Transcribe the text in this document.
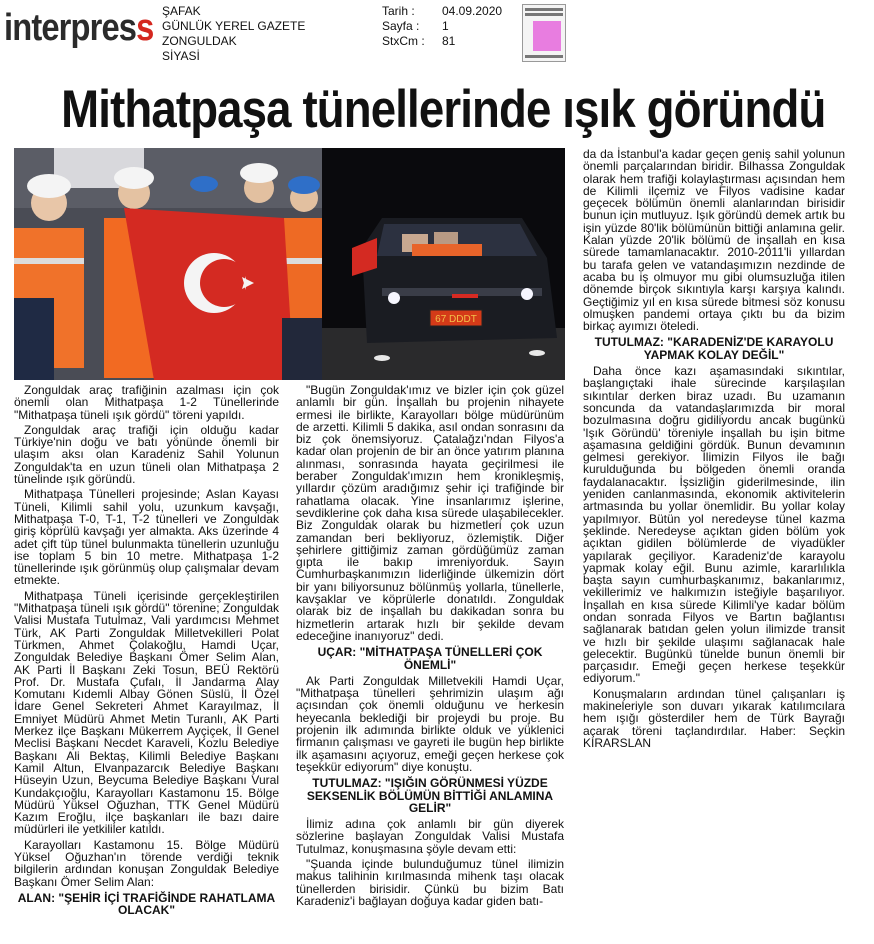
interpress ŞAFAK
GÜNLÜK YEREL GAZETE
ZONGULDAK
SİYASİ
Tarih :	04.09.2020
Sayfa :	1
StxCm :	81
Mithatpaşa tünellerinde ışık göründü
67 DDDT

Zonguldak araç trafiğinin azalması için çok önemli olan Mithatpaşa 1-2 Tünellerinde "Mithatpaşa tüneli ışık gördü" töreni yapıldı.

Zonguldak araç trafiği için olduğu kadar Türkiye'nin doğu ve batı yönünde önemli bir ulaşım aksı olan Karadeniz Sahil Yolunun Zonguldak'ta en uzun tüneli olan Mithatpaşa 2 tünelinde ışık göründü.

Mithatpaşa Tünelleri projesinde; Aslan Kayası Tüneli, Kilimli sahil yolu, uzunkum kavşağı, Mithatpaşa T-0, T-1, T-2 tünelleri ve Zonguldak giriş köprülü kavşağı yer almakta. Aks üzerinde 4 adet çift tüp tünel bulunmakta tünellerin uzunluğu ise toplam 5 bin 10 metre. Mithatpaşa 1-2 tünellerinde ışık görünmüş olup çalışmalar devam etmekte.

Mithatpaşa Tüneli içerisinde gerçekleştirilen "Mithatpaşa tüneli ışık gördü" törenine; Zonguldak Valisi Mustafa Tutulmaz, Vali yardımcısı Mehmet Türk, AK Parti Zonguldak Milletvekilleri Polat Türkmen, Ahmet Çolakoğlu, Hamdi Uçar, Zonguldak Belediye Başkanı Ömer Selim Alan, AK Parti İl Başkanı Zeki Tosun, BEÜ Rektörü Prof. Dr. Mustafa Çufalı, İl Jandarma Alay Komutanı Kıdemli Albay Gönen Süslü, İl Özel İdare Genel Sekreteri Ahmet Karayılmaz, İl Emniyet Müdürü Ahmet Metin Turanlı, AK Parti Merkez ilçe Başkanı Mükerrem Ayçiçek, İl Genel Meclisi Başkanı Necdet Karaveli, Kozlu Belediye Başkanı Ali Bektaş, Kilimli Belediye Başkanı Kamil Altun, Elvanpazarcık Belediye Başkanı Hüseyin Uzun, Beycuma Belediye Başkanı Vural Kundakçıoğlu, Karayolları Kastamonu 15. Bölge Müdürü Yüksel Oğuzhan, TTK Genel Müdürü Kazım Eroğlu, ilçe başkanları ile bazı daire müdürleri ile yetkililer katıldı.

Karayolları Kastamonu 15. Bölge Müdürü Yüksel Oğuzhan'ın törende verdiği teknik bilgilerin ardından konuşan Zonguldak Belediye Başkanı Ömer Selim Alan:

ALAN: "ŞEHİR İÇİ TRAFİĞİNDE RAHATLAMA OLACAK"

"Bugün Zonguldak'ımız ve bizler için çok güzel anlamlı bir gün. İnşallah bu projenin nihayete ermesi ile birlikte, Karayolları bölge müdürünüm de arzetti. Kilimli 5 dakika, asıl ondan sonrasını da biz çok önemsiyoruz. Çatalağzı'ndan Filyos'a kadar olan projenin de bir an önce yatırım planına alınması, sonrasında hayata geçirilmesi ile beraber Zonguldak'ımızın hem kronikleşmiş, yıllardır çözüm aradığımız şehir içi trafiğinde bir rahatlama olacak. Yine insanlarımız işlerine, sevdiklerine çok daha kısa sürede ulaşabilecekler. Biz Zonguldak olarak bu hizmetleri çok uzun zamandan beri bekliyoruz, özlemiştik. Diğer şehirlere gittiğimiz zaman gördüğümüz zaman gıpta ile bakıp imreniyorduk. Sayın Cumhurbaşkanımızın liderliğinde ülkemizin dört bir yanı biliyorsunuz bölünmüş yollarla, tünellerle, kavşaklar ve köprülerle donatıldı. Zonguldak olarak biz de inşallah bu dakikadan sonra bu hizmetlerin artarak hızlı bir şekilde devam edeceğine inanıyoruz" dedi.

UÇAR: "MİTHATPAŞA TÜNELLERİ ÇOK ÖNEMLİ"

Ak Parti Zonguldak Milletvekili Hamdi Uçar, "Mithatpaşa tünelleri şehrimizin ulaşım ağı açısından çok önemli olduğunu ve herkesin heyecanla beklediği bir projeydi bu proje. Bu projenin ilk adımında birlikte olduk ve yüklenici firmanın çalışması ve gayreti ile bugün hep birlikte ilk aşamasını açıyoruz, emeği geçen herkese çok teşekkür ediyorum" diye konuştu.

TUTULMAZ: "IŞIĞIN GÖRÜNMESİ YÜZDE SEKSENLİK BÖLÜMÜN BİTTİĞİ ANLAMINA GELİR"

İlimiz adına çok anlamlı bir gün diyerek sözlerine başlayan Zonguldak Valisi Mustafa Tutulmaz, konuşmasına şöyle devam etti:

"Şuanda içinde bulunduğumuz tünel ilimizin makus talihinin kırılmasında mihenk taşı olacak tünellerden birisidir. Çünkü bu bizim Batı Karadeniz'i bağlayan doğuya kadar giden batı-

da da İstanbul'a kadar geçen geniş sahil yolunun önemli parçalarından biridir. Bilhassa Zonguldak olarak hem trafiği kolaylaştırması açısından hem de Kilimli ilçemiz ve Filyos vadisine kadar geçecek bölümün önemli alanlarından birisidir bunun için mutluyuz. Işık göründü demek artık bu işin yüzde 80'lik bölümünün bittiği anlamına gelir. Kalan yüzde 20'lik bölümü de inşallah en kısa sürede tamamlanacaktır. 2010-2011'li yıllardan bu tarafa gelen ve vatandaşımızın nezdinde de acaba bu iş olmuyor mu gibi olumsuzluğa itilen dönemde birçok sıkıntıyla karşı karşıya kalındı. Geçtiğimiz yıl en kısa sürede bitmesi söz konusu olmuşken pandemi ortaya çıktı bu da bizim birkaç ayımızı öteledi.

TUTULMAZ: "KARADENİZ'DE KARAYOLU YAPMAK KOLAY DEĞİL"

Daha önce kazı aşamasındaki sıkıntılar, başlangıçtaki ihale sürecinde karşılaşılan sıkıntılar derken biraz uzadı. Bu uzamanın soncunda da vatandaşlarımızda bir moral bozulmasına doğru gidiliyordu ancak bugünkü 'Işık Göründü' töreniyle inşallah bu işin bitme aşamasına geldiğini gördük. Bunun devamının gelmesi gerekiyor. İlimizin Filyos ile bağı kurulduğunda bu bölgeden önemli oranda faydalanacaktır. İşsizliğin giderilmesinde, ilin yeniden canlanmasında, ekonomik aktivitelerin artmasında bu yollar önemlidir. Bu yollar kolay yapılmıyor. Bütün yol neredeyse tünel kazma şeklinde. Neredeyse açıktan giden bölüm yok açıktan gidilen bölümlerde de viyadükler yapılarak geçiliyor. Karadeniz'de karayolu yapmak kolay eğil. Bunu azimle, kararlılıkla başta sayın cumhurbaşkanımız, bakanlarımız, vekillerimiz ve halkımızın isteğiyle başarılıyor. İnşallah en kısa sürede Kilimli'ye kadar bölüm ondan sonrada Filyos ve Bartın bağlantısı sağlanarak batıdan gelen yolun ilimizde transit ve hızlı bir şekilde ulaşımı sağlanacak hale gelecektir. Bugünkü tünelde bunun önemli bir parçasıdır. Emeği geçen herkese teşekkür ediyorum."

Konuşmaların ardından tünel çalışanları iş makineleriyle son duvarı yıkarak katılımcılara hem ışığı gösterdiler hem de Türk Bayrağı açarak töreni taçlandırdılar. Haber: Seçkin KIRARSLAN
